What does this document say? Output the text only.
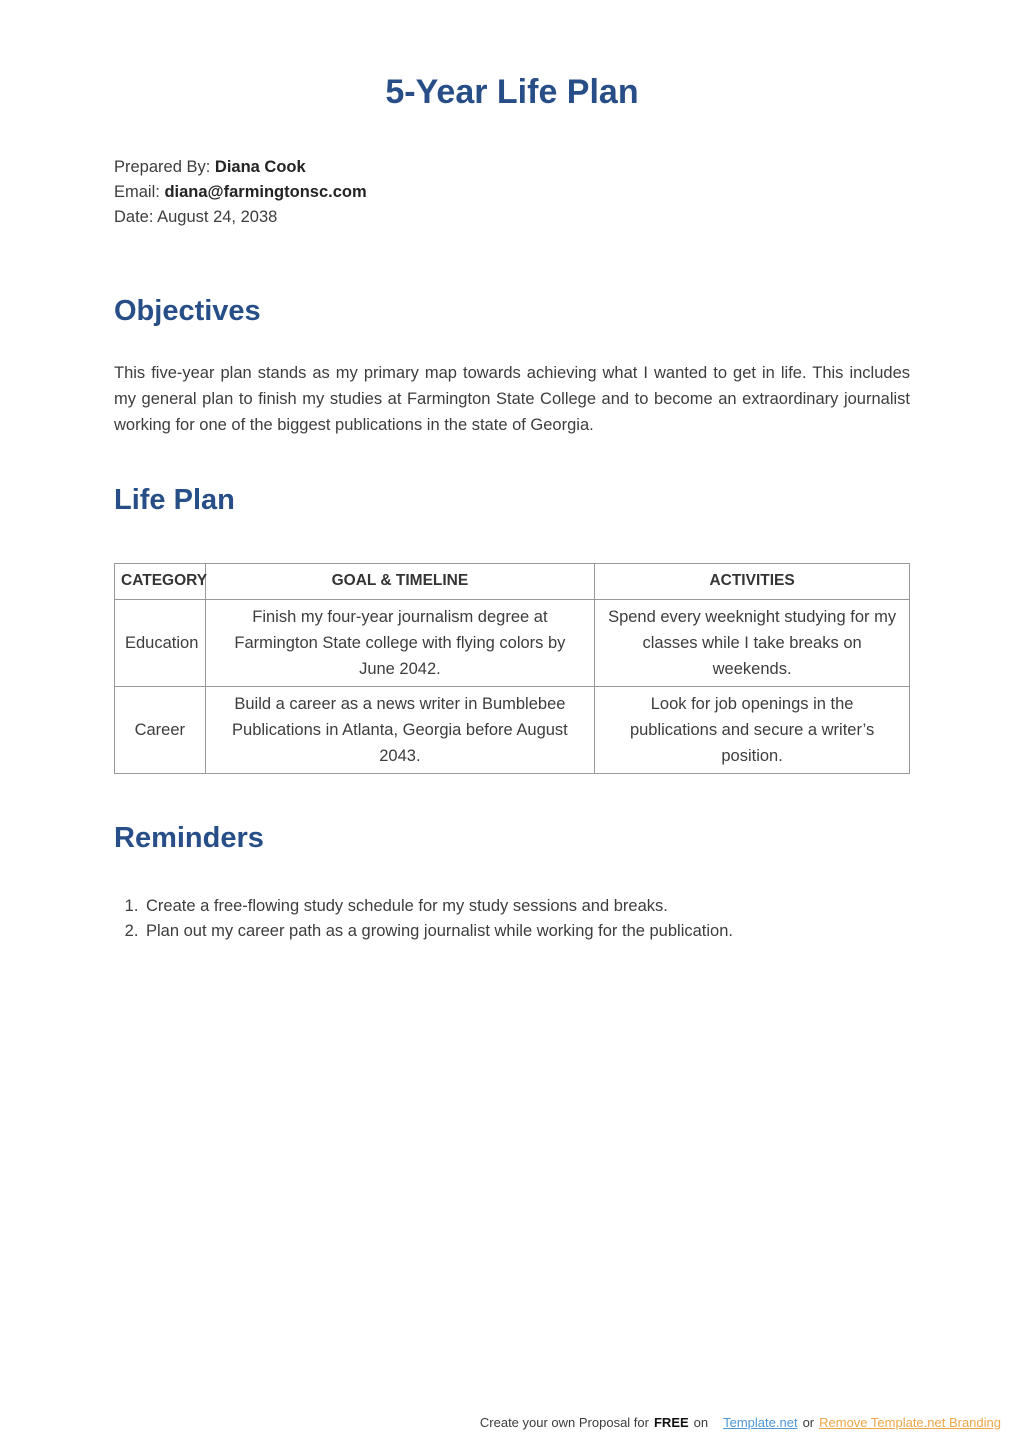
5-Year Life Plan
Prepared By: Diana Cook
Email: diana@farmingtonsc.com
Date: August 24, 2038
Objectives

This five-year plan stands as my primary map towards achieving what I wanted to get in life. This includes my general plan to finish my studies at Farmington State College and to become an extraordinary journalist working for one of the biggest publications in the state of Georgia.

Life Plan
CATEGORY	GOAL & TIMELINE	ACTIVITIES
Education	Finish my four-year journalism degree at Farmington State college with flying colors by June 2042.	Spend every weeknight studying for my classes while I take breaks on weekends.
Career	Build a career as a news writer in Bumblebee Publications in Atlanta, Georgia before August 2043.	Look for job openings in the publications and secure a writer’s position.
Reminders
1. Create a free-flowing study schedule for my study sessions and breaks.
2. Plan out my career path as a growing journalist while working for the publication.
Create your own Proposal for FREE on Template.net or Remove Template.net Branding
